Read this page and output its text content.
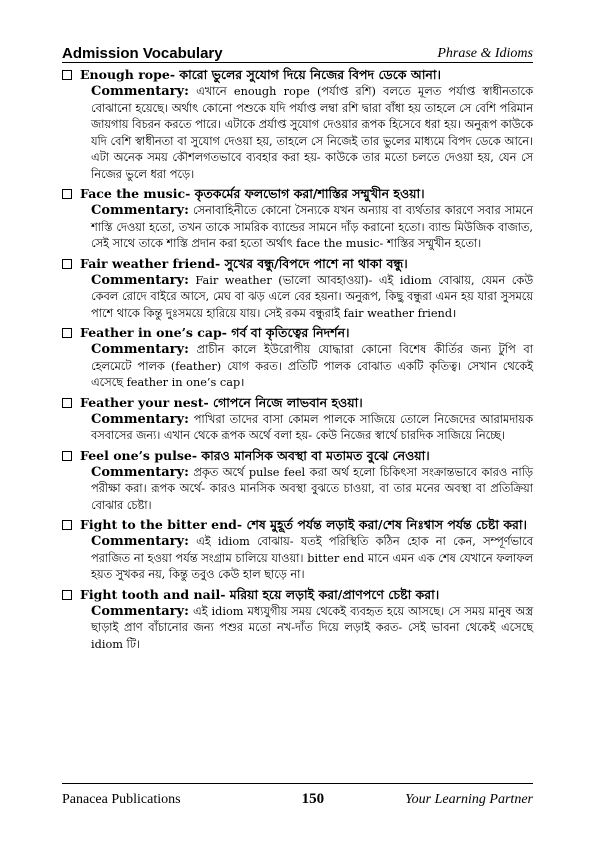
Admission Vocabulary	Phrase & Idioms
Enough rope- কারো ভুলের সুযোগ দিয়ে নিজের বিপদ ডেকে আনা।
Commentary: এখানে enough rope (পর্যাপ্ত রশি) বলতে মূলত পর্যাপ্ত স্বাধীনতাকে বোঝানো হয়েছে। অর্থাৎ কোনো পশুকে যদি পর্যাপ্ত লম্বা রশি দ্বারা বাঁধা হয় তাহলে সে বেশি পরিমান জায়গায় বিচরন করতে পারে। এটাকে প্রর্যাপ্ত সুযোগ দেওয়ার রূপক হিসেবে ধরা হয়। অনুরূপ কাউকে যদি বেশি স্বাধীনতা বা সুযোগ দেওয়া হয়, তাহলে সে নিজেই তার ভুলের মাধ্যমে বিপদ ডেকে আনে। এটা অনেক সময় কৌশলগতভাবে ব্যবহার করা হয়- কাউকে তার মতো চলতে দেওয়া হয়, যেন সে নিজের ভুলে ধরা পড়ে।
Face the music- কৃতকর্মের ফলভোগ করা/শাস্তির সম্মুখীন হওয়া।
Commentary: সেনাবাহিনীতে কোনো সৈন্যকে যখন অন্যায় বা ব্যর্থতার কারণে সবার সামনে শাস্তি দেওয়া হতো, তখন তাকে সামরিক ব্যান্ডের সামনে দাঁড় করানো হতো। ব্যান্ড মিউজিক বাজাত, সেই সাথে তাকে শাস্তি প্রদান করা হতো অর্থাৎ face the music- শাস্তির সম্মুখীন হতো।
Fair weather friend- সুখের বন্ধু/বিপদে পাশে না থাকা বন্ধু।
Commentary: Fair weather (ভালো আবহাওয়া)- এই idiom বোঝায়, যেমন কেউ কেবল রোদে বাইরে আসে, মেঘ বা ঝড় এলে বের হয়না। অনুরূপ, কিছু বন্ধুরা এমন হয় যারা সুসময়ে পাশে থাকে কিন্তু দুঃসময়ে হারিয়ে যায়। সেই রকম বন্ধুরাই fair weather friend।
Feather in one’s cap- গর্ব বা কৃতিত্বের নিদর্শন।
Commentary: প্রাচীন কালে ইউরোপীয় যোদ্ধারা কোনো বিশেষ কীর্তির জন্য টুপি বা হেলমেটে পালক (feather) যোগ করত। প্রতিটি পালক বোঝাত একটি কৃতিত্ব। সেখান থেকেই এসেছে feather in one’s cap।
Feather your nest- গোপনে নিজে লাভবান হওয়া।
Commentary: পাখিরা তাদের বাসা কোমল পালকে সাজিয়ে তোলে নিজেদের আরামদায়ক বসবাসের জন্য। এখান থেকে রূপক অর্থে বলা হয়- কেউ নিজের স্বার্থে চারদিক সাজিয়ে নিচ্ছে।
Feel one’s pulse- কারও মানসিক অবস্থা বা মতামত বুঝে নেওয়া।
Commentary: প্রকৃত অর্থে pulse feel করা অর্থ হলো চিকিৎসা সংক্রান্তভাবে কারও নাড়ি পরীক্ষা করা। রূপক অর্থে- কারও মানসিক অবস্থা বুঝতে চাওয়া, বা তার মনের অবস্থা বা প্রতিক্রিয়া বোঝার চেষ্টা।
Fight to the bitter end- শেষ মুহূর্ত পর্যন্ত লড়াই করা/শেষ নিঃশ্বাস পর্যন্ত চেষ্টা করা।
Commentary: এই idiom বোঝায়- যতই পরিস্থিতি কঠিন হোক না কেন, সম্পূর্ণভাবে পরাজিত না হওয়া পর্যন্ত সংগ্রাম চালিয়ে যাওয়া। bitter end মানে এমন এক শেষ যেখানে ফলাফল হয়ত সুখকর নয়, কিন্তু তবুও কেউ হাল ছাড়ে না।
Fight tooth and nail- মরিয়া হয়ে লড়াই করা/প্রাণপণে চেষ্টা করা।
Commentary: এই idiom মধ্যযুগীয় সময় থেকেই ব্যবহৃত হয়ে আসছে। সে সময় মানুষ অস্ত্র ছাড়াই প্রাণ বাঁচানোর জন্য পশুর মতো নখ-দাঁত দিয়ে লড়াই করত- সেই ভাবনা থেকেই এসেছে idiom টি।
Panacea Publications	150	Your Learning Partner
